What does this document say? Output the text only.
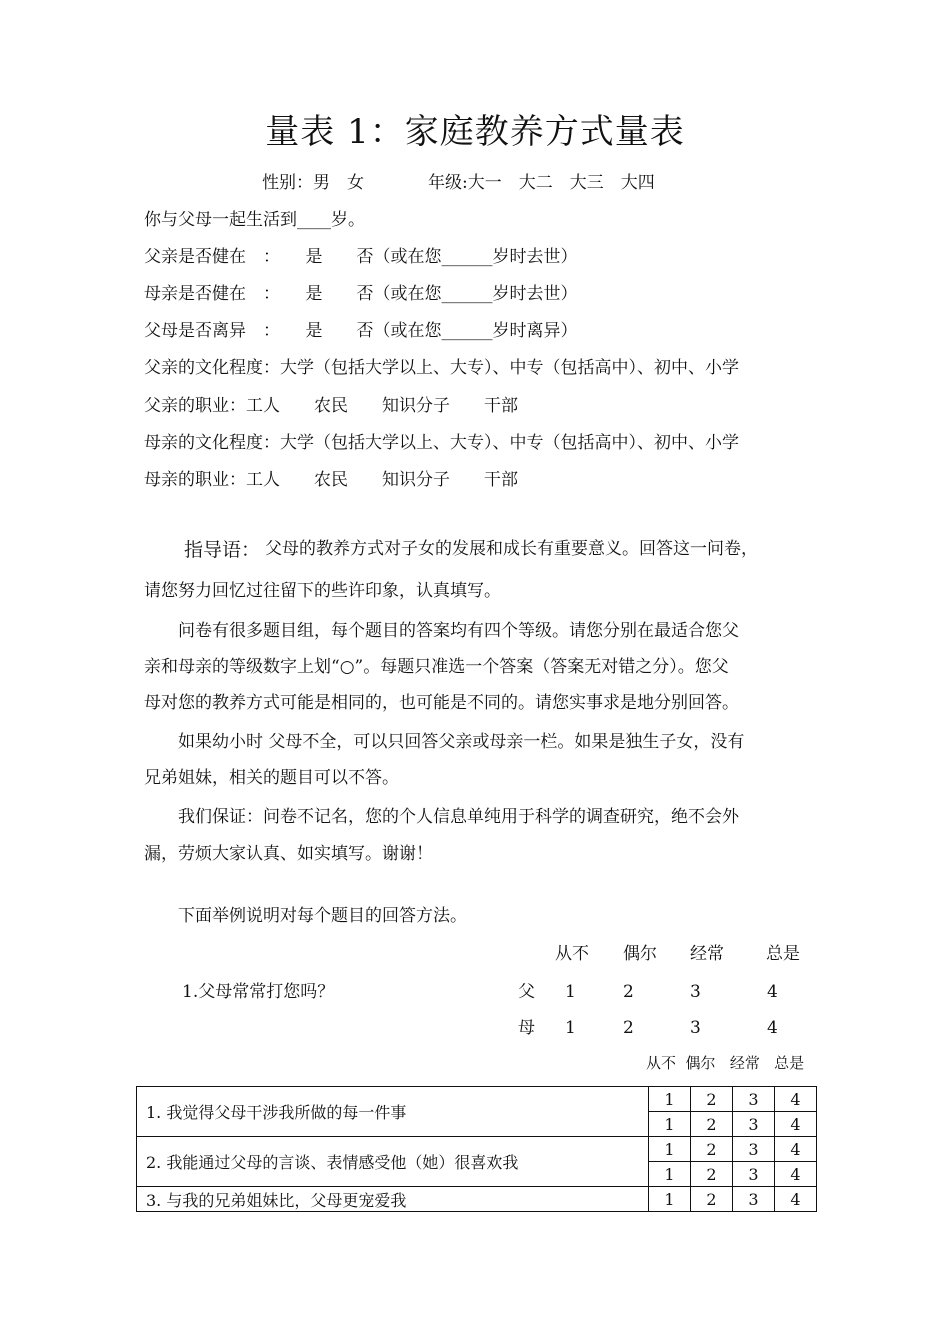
量表 1：家庭教养方式量表
性别：男　女	年级:大一　大二　大三　大四
你与父母一起生活到____岁。
父亲是否健在　：　　是　　否（或在您______岁时去世）
母亲是否健在　：　　是　　否（或在您______岁时去世）
父母是否离异　：　　是　　否（或在您______岁时离异）
父亲的文化程度：大学（包括大学以上、大专）、中专（包括高中）、初中、小学
父亲的职业：工人　　农民　　知识分子　　干部
母亲的文化程度：大学（包括大学以上、大专）、中专（包括高中）、初中、小学
母亲的职业：工人　　农民　　知识分子　　干部
指导语： 父母的教养方式对子女的发展和成长有重要意义。回答这一问卷，
请您努力回忆过往留下的些许印象，认真填写。
问卷有很多题目组，每个题目的答案均有四个等级。请您分别在最适合您父
亲和母亲的等级数字上划“○”。每题只准选一个答案（答案无对错之分）。您父
母对您的教养方式可能是相同的，也可能是不同的。请您实事求是地分别回答。
如果幼小时 父母不全，可以只回答父亲或母亲一栏。如果是独生子女，没有
兄弟姐妹，相关的题目可以不答。
我们保证：问卷不记名，您的个人信息单纯用于科学的调查研究，绝不会外
漏，劳烦大家认真、如实填写。谢谢！
下面举例说明对每个题目的回答方法。
从不 偶尔 经常 总是
1.父母常常打您吗？	父 1	2	3	4
母 1	2	3	4
从不  偶尔   经常   总是
1. 我觉得父母干涉我所做的每一件事	1	2	3	4
	1	2	3	4
2. 我能通过父母的言谈、表情感受他（她）很喜欢我	1	2	3	4
	1	2	3	4
3. 与我的兄弟姐妹比，父母更宠爱我	1	2	3	4
